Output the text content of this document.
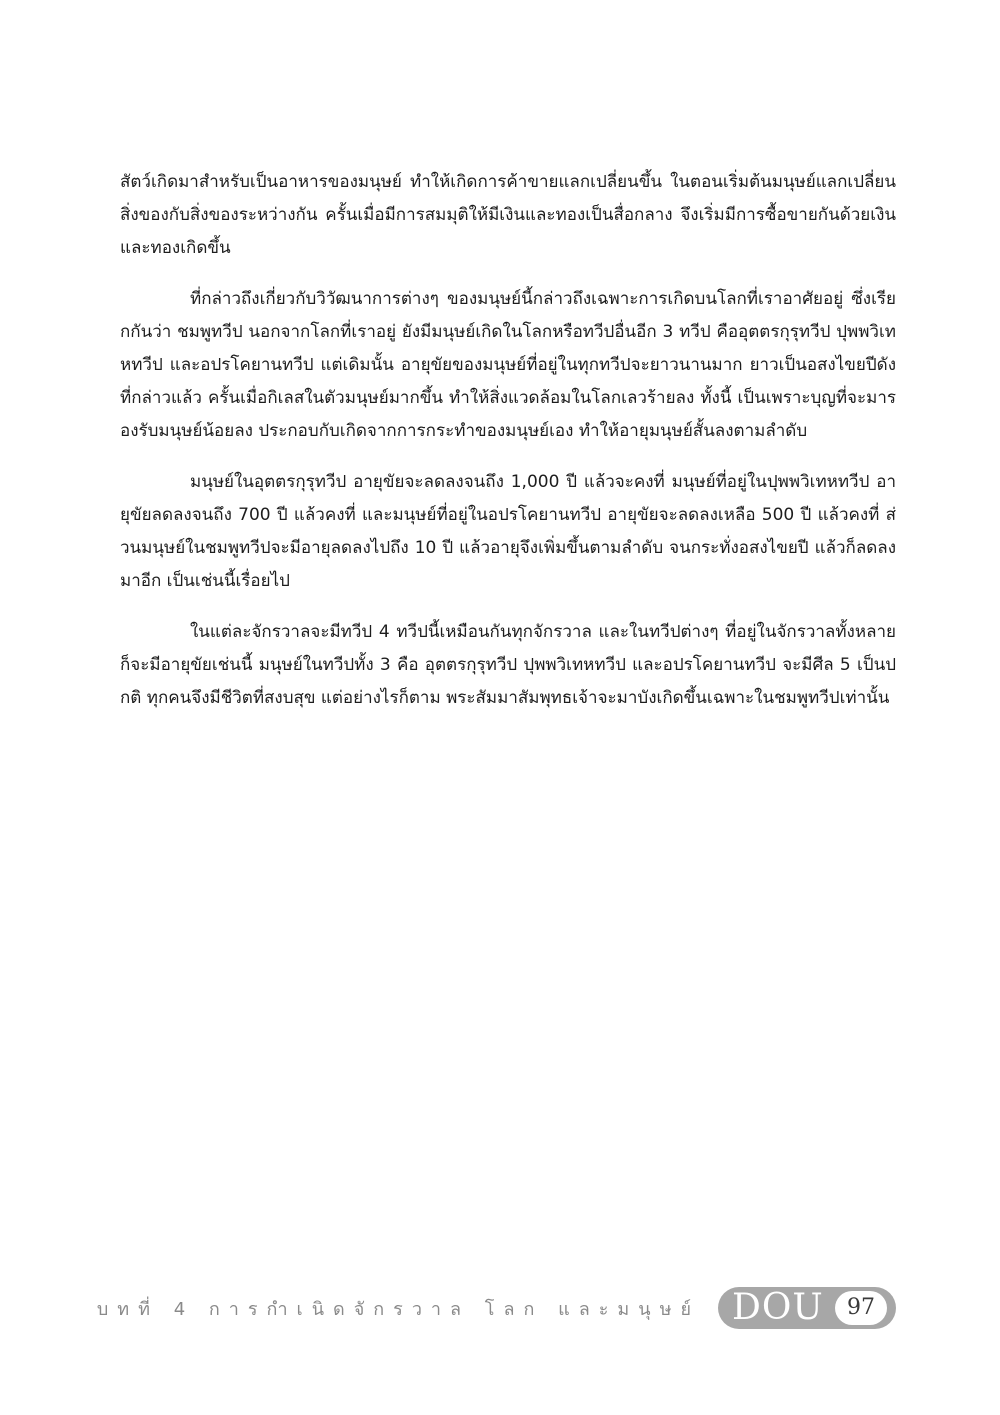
สัตว์เกิดมาสำหรับเป็นอาหารของมนุษย์ ทำให้เกิดการค้าขายแลกเปลี่ยนขึ้น ในตอนเริ่มต้นมนุษย์แลกเปลี่ยนสิ่งของกับสิ่งของระหว่างกัน ครั้นเมื่อมีการสมมุติให้มีเงินและทองเป็นสื่อกลาง จึงเริ่มมีการซื้อขายกันด้วยเงินและทองเกิดขึ้น

ที่กล่าวถึงเกี่ยวกับวิวัฒนาการต่างๆ ของมนุษย์นี้กล่าวถึงเฉพาะการเกิดบนโลกที่เราอาศัยอยู่ ซึ่งเรียกกันว่า ชมพูทวีป นอกจากโลกที่เราอยู่ ยังมีมนุษย์เกิดในโลกหรือทวีปอื่นอีก 3 ทวีป คืออุตตรกุรุทวีป ปุพพวิเทหทวีป และอปรโคยานทวีป แต่เดิมนั้น อายุขัยของมนุษย์ที่อยู่ในทุกทวีปจะยาวนานมาก ยาวเป็นอสงไขยปีดังที่กล่าวแล้ว ครั้นเมื่อกิเลสในตัวมนุษย์มากขึ้น ทำให้สิ่งแวดล้อมในโลกเลวร้ายลง ทั้งนี้ เป็นเพราะบุญที่จะมารองรับมนุษย์น้อยลง ประกอบกับเกิดจากการกระทำของมนุษย์เอง ทำให้อายุมนุษย์สั้นลงตามลำดับ

มนุษย์ในอุตตรกุรุทวีป อายุขัยจะลดลงจนถึง 1,000 ปี แล้วจะคงที่ มนุษย์ที่อยู่ในปุพพวิเทหทวีป อายุขัยลดลงจนถึง 700 ปี แล้วคงที่ และมนุษย์ที่อยู่ในอปรโคยานทวีป อายุขัยจะลดลงเหลือ 500 ปี แล้วคงที่ ส่วนมนุษย์ในชมพูทวีปจะมีอายุลดลงไปถึง 10 ปี แล้วอายุจึงเพิ่มขึ้นตามลำดับ จนกระทั่งอสงไขยปี แล้วก็ลดลงมาอีก เป็นเช่นนี้เรื่อยไป

ในแต่ละจักรวาลจะมีทวีป 4 ทวีปนี้เหมือนกันทุกจักรวาล และในทวีปต่างๆ ที่อยู่ในจักรวาลทั้งหลาย ก็จะมีอายุขัยเช่นนี้ มนุษย์ในทวีปทั้ง 3 คือ อุตตรกุรุทวีป ปุพพวิเทหทวีป และอปรโคยานทวีป จะมีศีล 5 เป็นปกติ ทุกคนจึงมีชีวิตที่สงบสุข แต่อย่างไรก็ตาม พระสัมมาสัมพุทธเจ้าจะมาบังเกิดขึ้นเฉพาะในชมพูทวีปเท่านั้น

บทที่ 4 การกำเนิดจักรวาล โลก และมนุษย์ DOU	97
